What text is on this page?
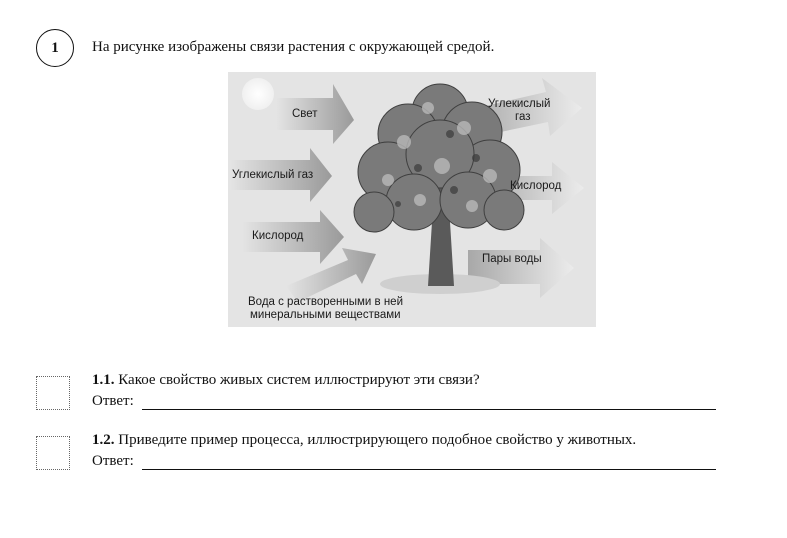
1	На рисунке изображены связи растения с окружающей средой.
Свет
Углекислый газ
Кислород
Вода с растворенными в ней
минеральными веществами
Углекислый
газ
Кислород
Пары воды
1.1. Какое свойство живых систем иллюстрируют эти связи?
Ответ:
1.2. Приведите пример процесса, иллюстрирующего подобное свойство у животных.
Ответ:
